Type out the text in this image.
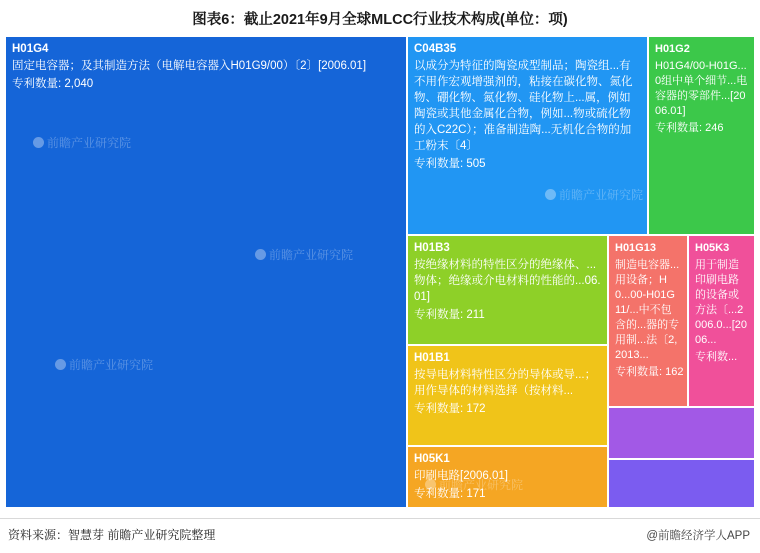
图表6：截止2021年9月全球MLCC行业技术构成(单位：项)
H01G4
固定电容器；及其制造方法（电解电容器入H01G9/00）〔2〕[2006.01]
专利数量: 2,040
C04B35
以成分为特征的陶瓷成型制品；陶瓷组...有不用作宏观增强剂的，粘接在碳化物、氮化物、硼化物、氮化物、硅化物上...属，例如陶瓷或其他金属化合物，例如...物或硫化物的入C22C）；准备制造陶...无机化合物的加工粉末〔4〕
专利数量: 505
H01G2
H01G4/00-H01G...0组中单个细节...电容器的零部件...[2006.01]
专利数量: 246
H01B3
按绝缘材料的特性区分的绝缘体、...物体；绝缘或介电材料的性能的...06.01]
专利数量: 211
H01B1
按导电材料特性区分的导体或导...；用作导体的材料选择（按材料...
专利数量: 172
H05K1
印刷电路[2006.01]
专利数量: 171
H01G13
制造电容器...用设备；H0...00-H01G11/...中不包含的...器的专用制...法〔2,2013...
专利数量: 162
H05K3
用于制造印刷电路的设备或方法〔...2006.0...[2006...
专利数...
前瞻产业研究院
前瞻产业研究院
前瞻产业研究院
前瞻产业研究院
前瞻产业研究院
资料来源：智慧芽 前瞻产业研究院整理	@前瞻经济学人APP
